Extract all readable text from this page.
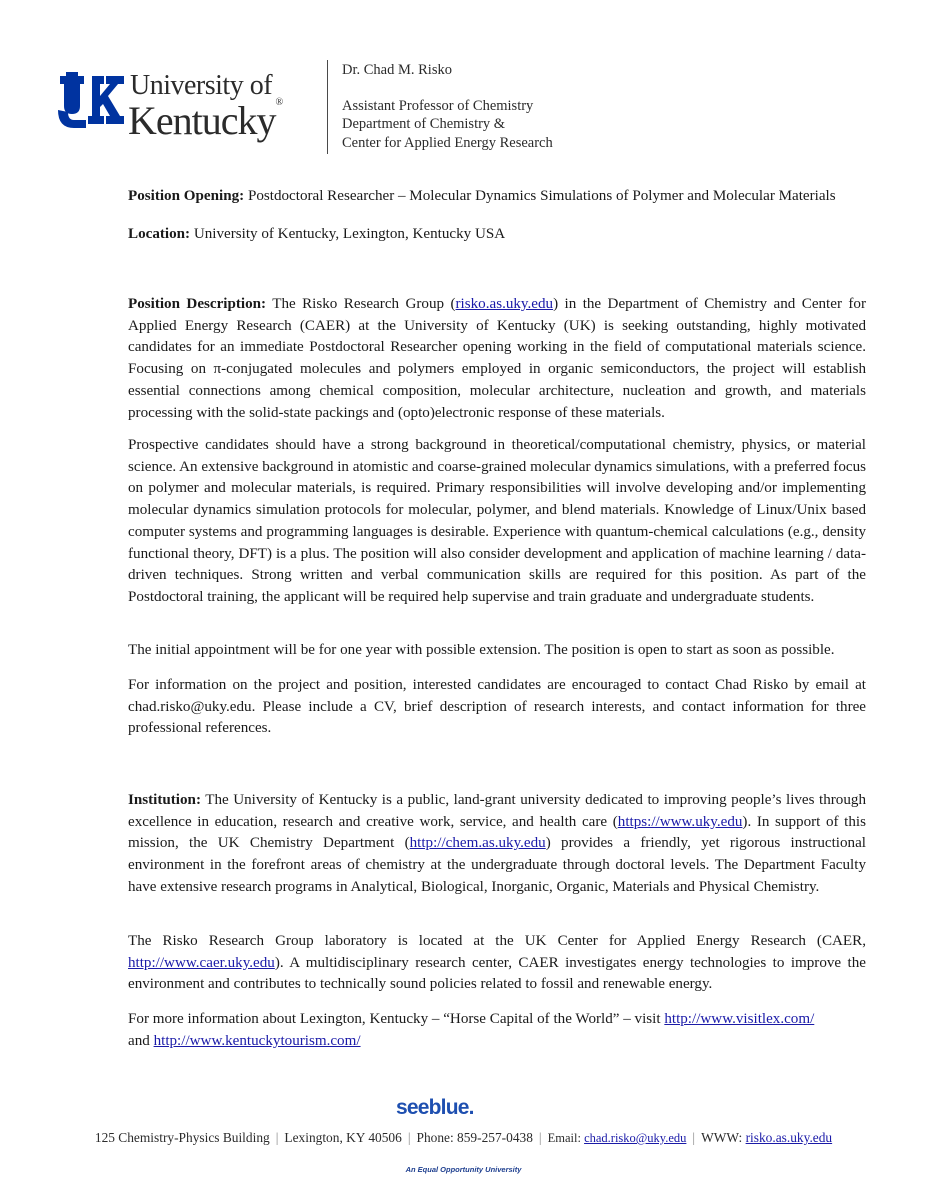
University of
Kentucky®
Dr. Chad M. Risko
Assistant Professor of Chemistry
Department of Chemistry &
Center for Applied Energy Research

Position Opening: Postdoctoral Researcher – Molecular Dynamics Simulations of Polymer and Molecular Materials

Location: University of Kentucky, Lexington, Kentucky USA

Position Description: The Risko Research Group (risko.as.uky.edu) in the Department of Chemistry and Center for Applied Energy Research (CAER) at the University of Kentucky (UK) is seeking outstanding, highly motivated candidates for an immediate Postdoctoral Researcher opening working in the field of computational materials science. Focusing on π-conjugated molecules and polymers employed in organic semiconductors, the project will establish essential connections among chemical composition, molecular architecture, nucleation and growth, and materials processing with the solid-state packings and (opto)electronic response of these materials.

Prospective candidates should have a strong background in theoretical/computational chemistry, physics, or material science. An extensive background in atomistic and coarse-grained molecular dynamics simulations, with a preferred focus on polymer and molecular materials, is required. Primary responsibilities will involve developing and/or implementing molecular dynamics simulation protocols for molecular, polymer, and blend materials. Knowledge of Linux/Unix based computer systems and programming languages is desirable. Experience with quantum-chemical calculations (e.g., density functional theory, DFT) is a plus. The position will also consider development and application of machine learning / data-driven techniques. Strong written and verbal communication skills are required for this position. As part of the Postdoctoral training, the applicant will be required help supervise and train graduate and undergraduate students.

The initial appointment will be for one year with possible extension. The position is open to start as soon as possible.

For information on the project and position, interested candidates are encouraged to contact Chad Risko by email at chad.risko@uky.edu. Please include a CV, brief description of research interests, and contact information for three professional references.

Institution: The University of Kentucky is a public, land-grant university dedicated to improving people’s lives through excellence in education, research and creative work, service, and health care (https://www.uky.edu). In support of this mission, the UK Chemistry Department (http://chem.as.uky.edu) provides a friendly, yet rigorous instructional environment in the forefront areas of chemistry at the undergraduate through doctoral levels. The Department Faculty have extensive research programs in Analytical, Biological, Inorganic, Organic, Materials and Physical Chemistry.

The Risko Research Group laboratory is located at the UK Center for Applied Energy Research (CAER, http://www.caer.uky.edu). A multidisciplinary research center, CAER investigates energy technologies to improve the environment and contributes to technically sound policies related to fossil and renewable energy.

For more information about Lexington, Kentucky – “Horse Capital of the World” – visit http://www.visitlex.com/
and http://www.kentuckytourism.com/

seeblue.
125 Chemistry-Physics Building | Lexington, KY 40506 | Phone: 859-257-0438 | Email: chad.risko@uky.edu | WWW: risko.as.uky.edu
An Equal Opportunity University
